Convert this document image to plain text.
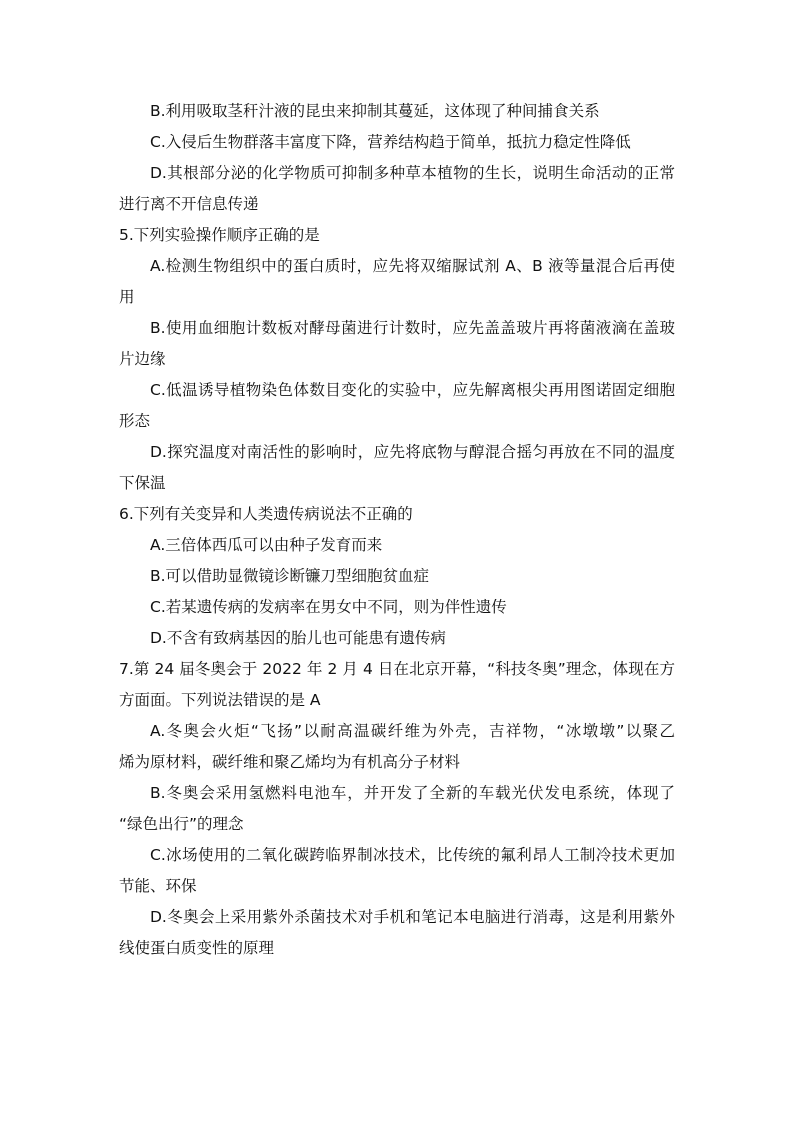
B.利用吸取茎秆汁液的昆虫来抑制其蔓延，这体现了种间捕食关系
C.入侵后生物群落丰富度下降，营养结构趋于简单，抵抗力稳定性降低
D.其根部分泌的化学物质可抑制多种草本植物的生长，说明生命活动的正常
进行离不开信息传递
5.下列实验操作顺序正确的是
A.检测生物组织中的蛋白质时，应先将双缩脲试剂 A、B 液等量混合后再使
用
B.使用血细胞计数板对酵母菌进行计数时，应先盖盖玻片再将菌液滴在盖玻
片边缘
C.低温诱导植物染色体数目变化的实验中，应先解离根尖再用图诺固定细胞
形态
D.探究温度对南活性的影响时，应先将底物与醇混合摇匀再放在不同的温度
下保温
6.下列有关变异和人类遗传病说法不正确的
A.三倍体西瓜可以由种子发育而来
B.可以借助显微镜诊断镰刀型细胞贫血症
C.若某遗传病的发病率在男女中不同，则为伴性遗传
D.不含有致病基因的胎儿也可能患有遗传病
7.第 24 届冬奥会于 2022 年 2 月 4 日在北京开幕，“科技冬奥”理念，体现在方
方面面。下列说法错误的是 A
A.冬奥会火炬“飞扬”以耐高温碳纤维为外壳，吉祥物，“冰墩墩”以聚乙
烯为原材料，碳纤维和聚乙烯均为有机高分子材料
B.冬奥会采用氢燃料电池车，并开发了全新的车载光伏发电系统，体现了
“绿色出行”的理念
C.冰场使用的二氧化碳跨临界制冰技术，比传统的氟利昂人工制冷技术更加
节能、环保
D.冬奥会上采用紫外杀菌技术对手机和笔记本电脑进行消毒，这是利用紫外
线使蛋白质变性的原理
